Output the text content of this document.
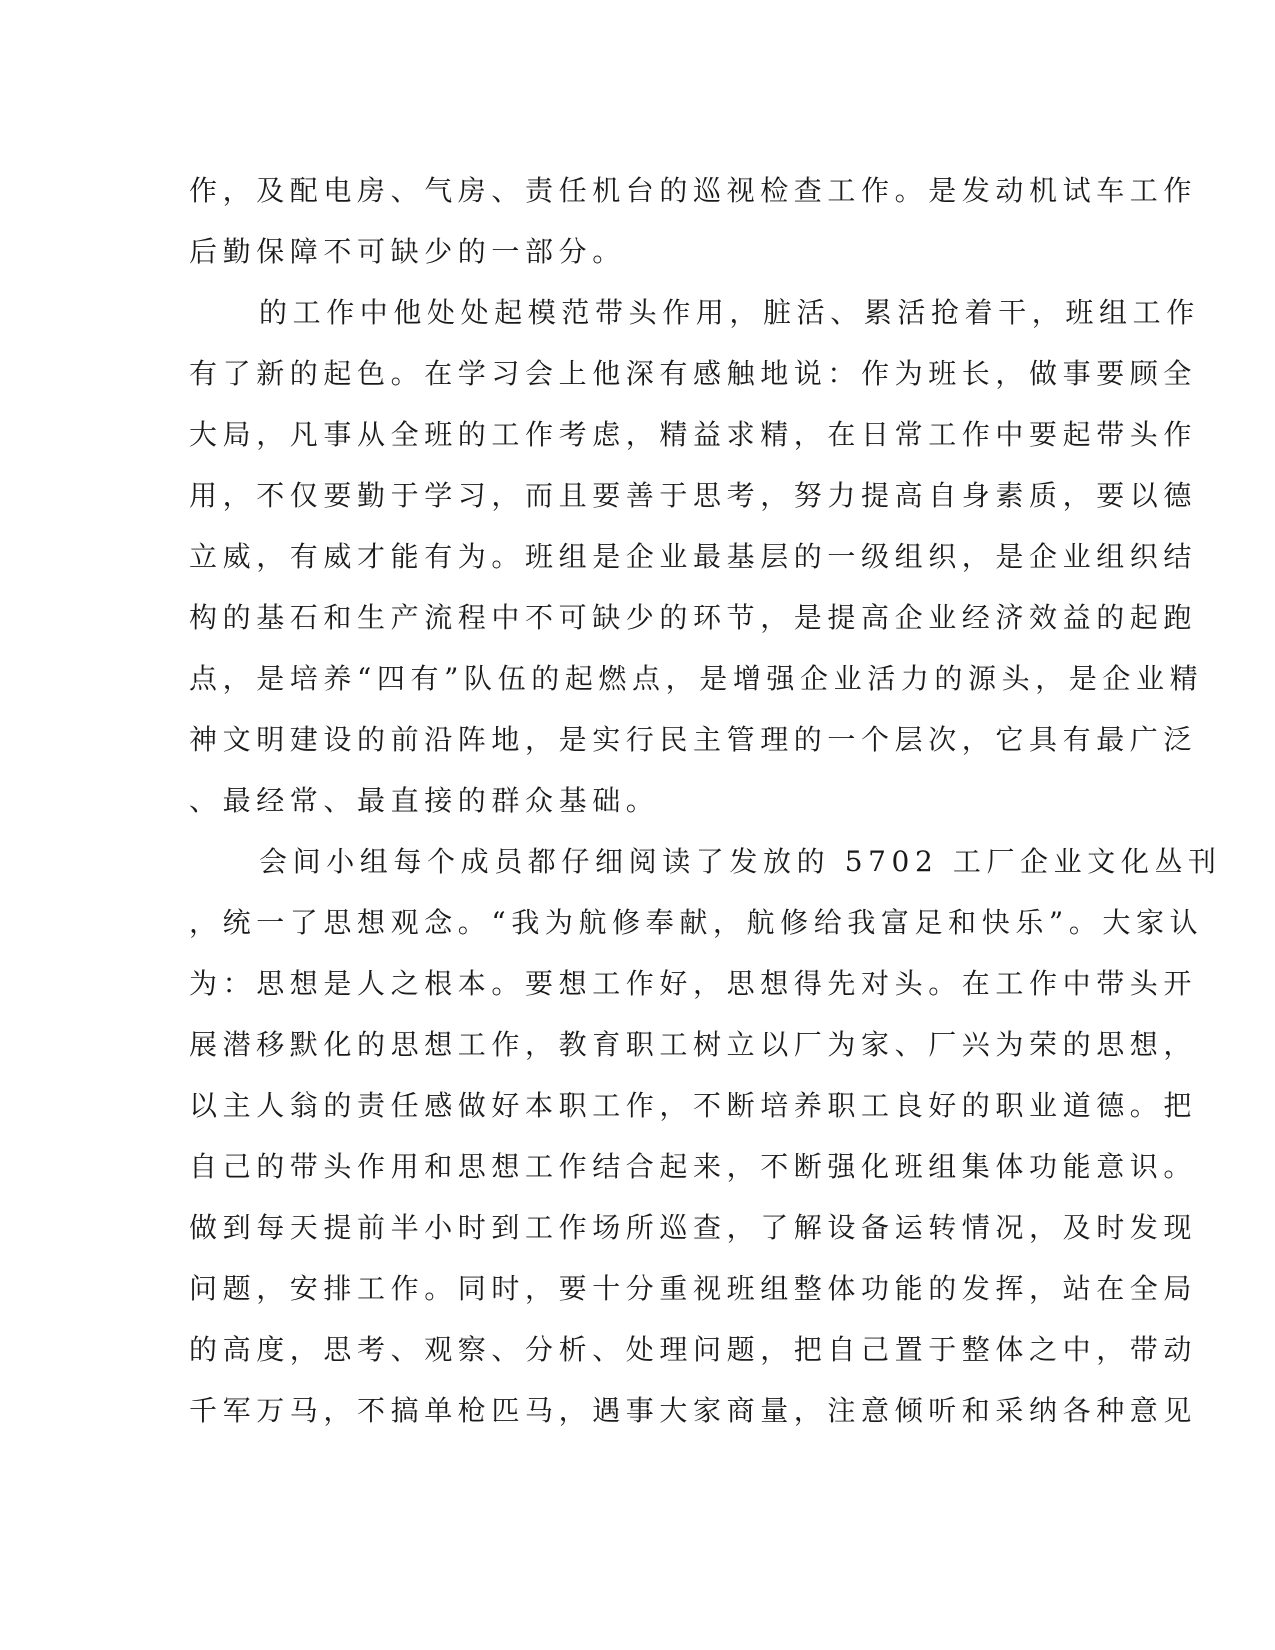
作，及配电房、气房、责任机台的巡视检查工作。是发动机试车工作
后勤保障不可缺少的一部分。
的工作中他处处起模范带头作用，脏活、累活抢着干，班组工作
有了新的起色。在学习会上他深有感触地说：作为班长，做事要顾全
大局，凡事从全班的工作考虑，精益求精，在日常工作中要起带头作
用，不仅要勤于学习，而且要善于思考，努力提高自身素质，要以德
立威，有威才能有为。班组是企业最基层的一级组织，是企业组织结
构的基石和生产流程中不可缺少的环节，是提高企业经济效益的起跑
点，是培养“四有”队伍的起燃点，是增强企业活力的源头，是企业精
神文明建设的前沿阵地，是实行民主管理的一个层次，它具有最广泛
、最经常、最直接的群众基础。
会间小组每个成员都仔细阅读了发放的 5702 工厂企业文化丛刊
，统一了思想观念。“我为航修奉献，航修给我富足和快乐”。大家认
为：思想是人之根本。要想工作好，思想得先对头。在工作中带头开
展潜移默化的思想工作，教育职工树立以厂为家、厂兴为荣的思想，
以主人翁的责任感做好本职工作，不断培养职工良好的职业道德。把
自己的带头作用和思想工作结合起来，不断强化班组集体功能意识。
做到每天提前半小时到工作场所巡查，了解设备运转情况，及时发现
问题，安排工作。同时，要十分重视班组整体功能的发挥，站在全局
的高度，思考、观察、分析、处理问题，把自己置于整体之中，带动
千军万马，不搞单枪匹马，遇事大家商量，注意倾听和采纳各种意见
